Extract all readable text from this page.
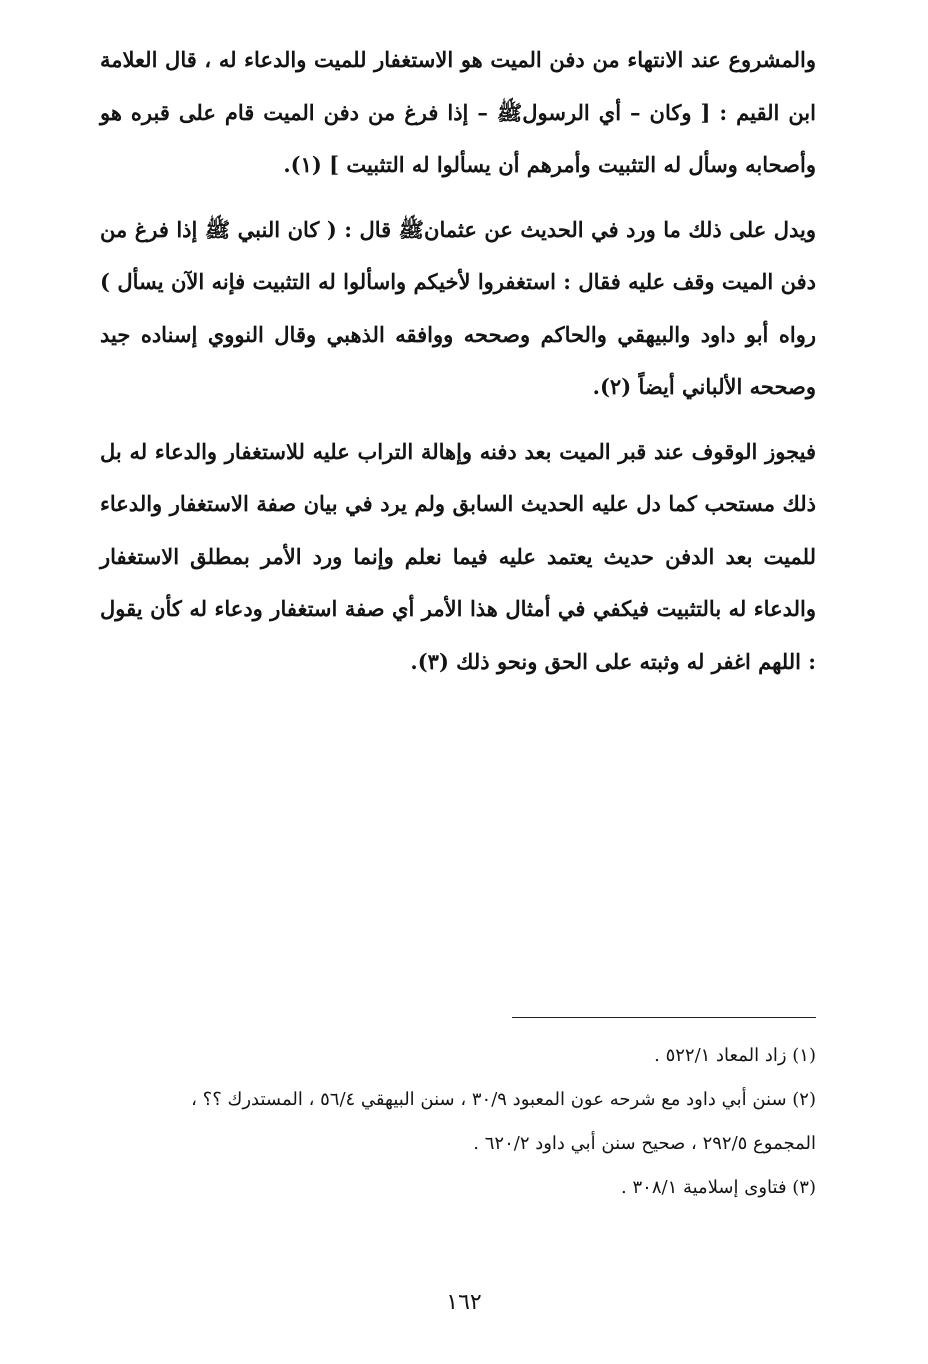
والمشروع عند الانتهاء من دفن الميت هو الاستغفار للميت والدعاء له ، قال العلامة ابن القيم : [ وكان – أي الرسولﷺ – إذا فرغ من دفن الميت قام على قبره هو وأصحابه وسأل له التثبيت وأمرهم أن يسألوا له التثبيت ] (١).

ويدل على ذلك ما ورد في الحديث عن عثمانﷺ قال : ( كان النبي ﷺ إذا فرغ من دفن الميت وقف عليه فقال : استغفروا لأخيكم واسألوا له التثبيت فإنه الآن يسأل ) رواه أبو داود والبيهقي والحاكم وصححه ووافقه الذهبي وقال النووي إسناده جيد وصححه الألباني أيضاً (٢).

فيجوز الوقوف عند قبر الميت بعد دفنه وإهالة التراب عليه للاستغفار والدعاء له بل ذلك مستحب كما دل عليه الحديث السابق ولم يرد في بيان صفة الاستغفار والدعاء للميت بعد الدفن حديث يعتمد عليه فيما نعلم وإنما ورد الأمر بمطلق الاستغفار والدعاء له بالتثبيت فيكفي في أمثال هذا الأمر أي صفة استغفار ودعاء له كأن يقول : اللهم اغفر له وثبته على الحق ونحو ذلك (٣).

(١) زاد المعاد ٥٢٢/١ .

(٢) سنن أبي داود مع شرحه عون المعبود ٣٠/٩ ، سنن البيهقي ٥٦/٤ ، المستدرك ؟؟ ،

المجموع ٢٩٢/٥ ، صحيح سنن أبي داود ٦٢٠/٢ .

(٣) فتاوى إسلامية ٣٠٨/١ .

١٦٢
